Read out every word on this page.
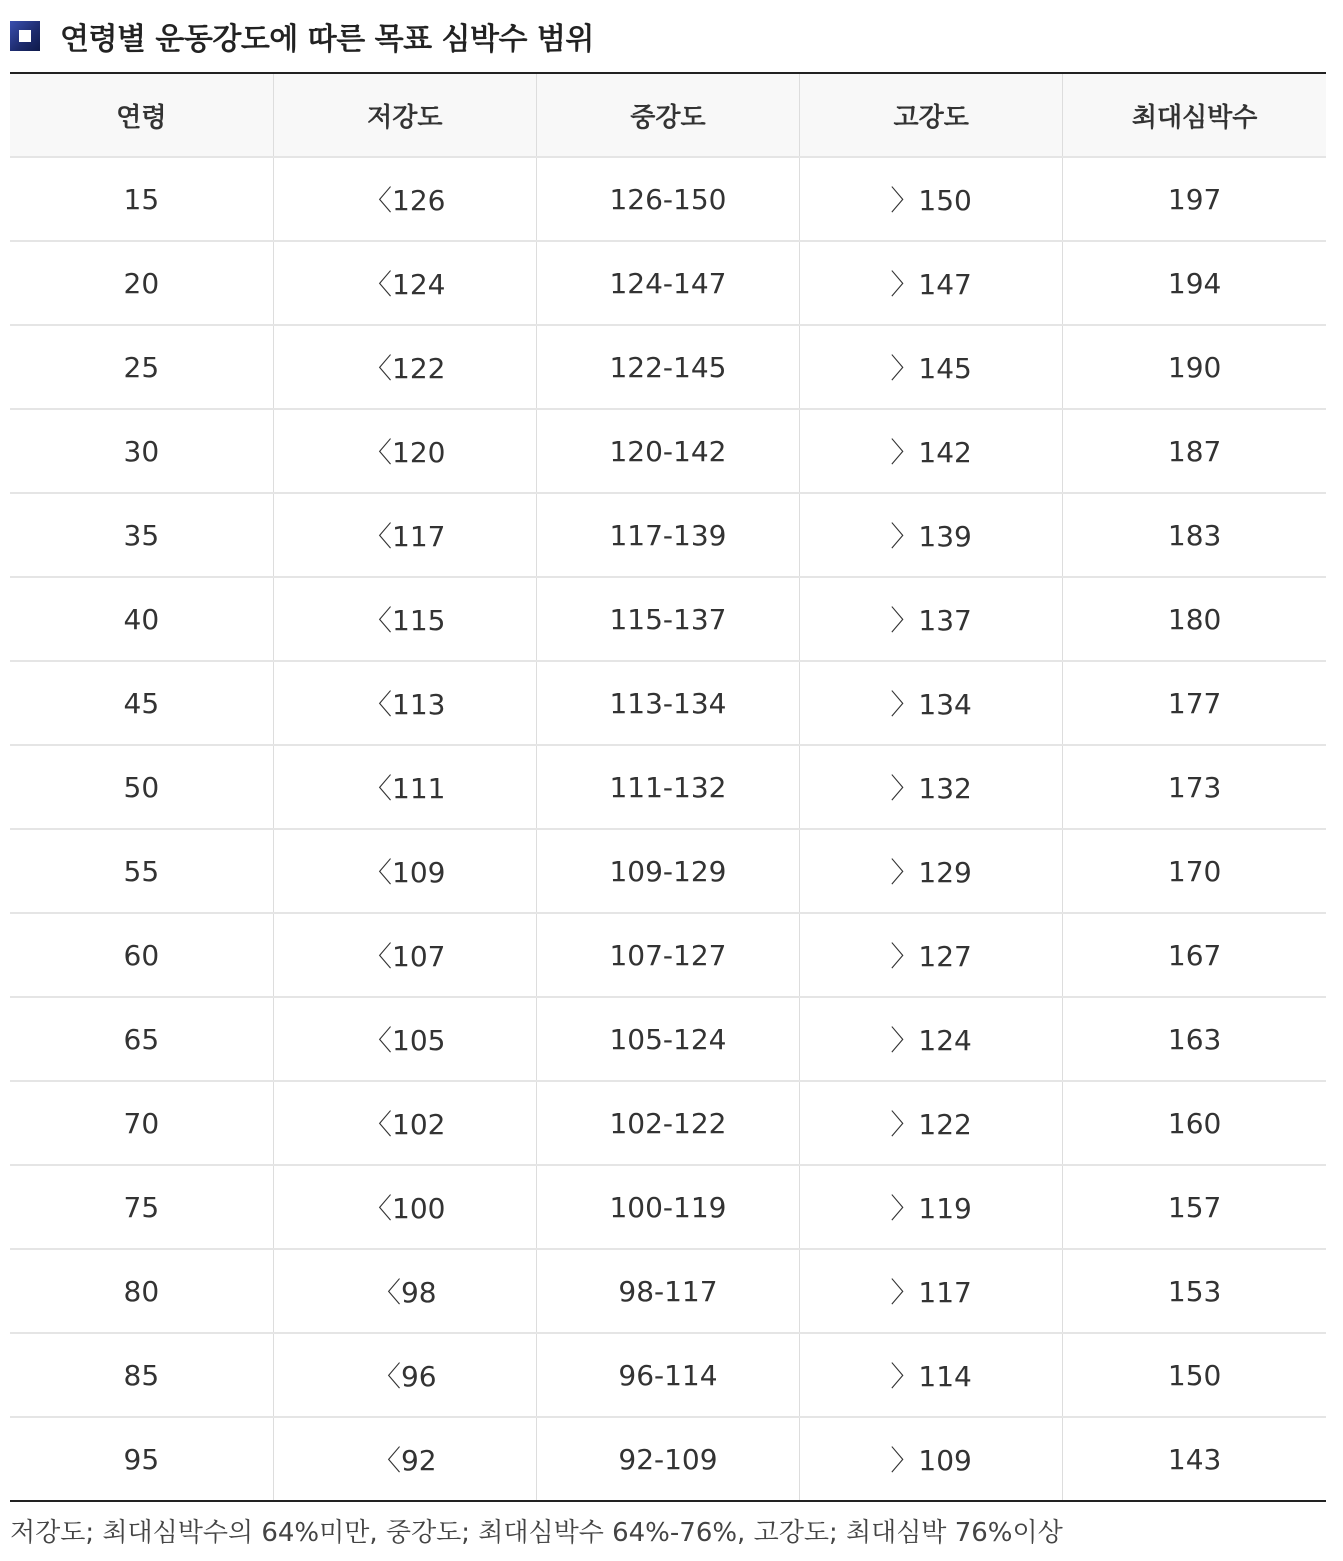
연령별 운동강도에 따른 목표 심박수 범위
연령	저강도	중강도	고강도	최대심박수
15	〈126	126-150	〉150	197
20	〈124	124-147	〉147	194
25	〈122	122-145	〉145	190
30	〈120	120-142	〉142	187
35	〈117	117-139	〉139	183
40	〈115	115-137	〉137	180
45	〈113	113-134	〉134	177
50	〈111	111-132	〉132	173
55	〈109	109-129	〉129	170
60	〈107	107-127	〉127	167
65	〈105	105-124	〉124	163
70	〈102	102-122	〉122	160
75	〈100	100-119	〉119	157
80	〈98	98-117	〉117	153
85	〈96	96-114	〉114	150
95	〈92	92-109	〉109	143
저강도; 최대심박수의 64%미만, 중강도; 최대심박수 64%-76%, 고강도; 최대심박 76%이상
